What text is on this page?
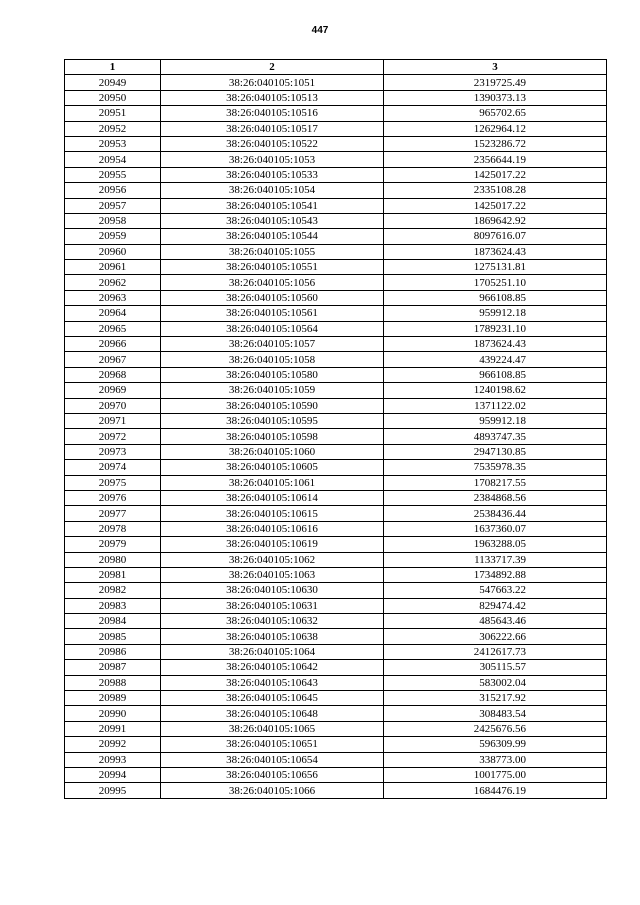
447
1	2	3
20949	38:26:040105:1051	2319725.49
20950	38:26:040105:10513	1390373.13
20951	38:26:040105:10516	965702.65
20952	38:26:040105:10517	1262964.12
20953	38:26:040105:10522	1523286.72
20954	38:26:040105:1053	2356644.19
20955	38:26:040105:10533	1425017.22
20956	38:26:040105:1054	2335108.28
20957	38:26:040105:10541	1425017.22
20958	38:26:040105:10543	1869642.92
20959	38:26:040105:10544	8097616.07
20960	38:26:040105:1055	1873624.43
20961	38:26:040105:10551	1275131.81
20962	38:26:040105:1056	1705251.10
20963	38:26:040105:10560	966108.85
20964	38:26:040105:10561	959912.18
20965	38:26:040105:10564	1789231.10
20966	38:26:040105:1057	1873624.43
20967	38:26:040105:1058	439224.47
20968	38:26:040105:10580	966108.85
20969	38:26:040105:1059	1240198.62
20970	38:26:040105:10590	1371122.02
20971	38:26:040105:10595	959912.18
20972	38:26:040105:10598	4893747.35
20973	38:26:040105:1060	2947130.85
20974	38:26:040105:10605	7535978.35
20975	38:26:040105:1061	1708217.55
20976	38:26:040105:10614	2384868.56
20977	38:26:040105:10615	2538436.44
20978	38:26:040105:10616	1637360.07
20979	38:26:040105:10619	1963288.05
20980	38:26:040105:1062	1133717.39
20981	38:26:040105:1063	1734892.88
20982	38:26:040105:10630	547663.22
20983	38:26:040105:10631	829474.42
20984	38:26:040105:10632	485643.46
20985	38:26:040105:10638	306222.66
20986	38:26:040105:1064	2412617.73
20987	38:26:040105:10642	305115.57
20988	38:26:040105:10643	583002.04
20989	38:26:040105:10645	315217.92
20990	38:26:040105:10648	308483.54
20991	38:26:040105:1065	2425676.56
20992	38:26:040105:10651	596309.99
20993	38:26:040105:10654	338773.00
20994	38:26:040105:10656	1001775.00
20995	38:26:040105:1066	1684476.19
